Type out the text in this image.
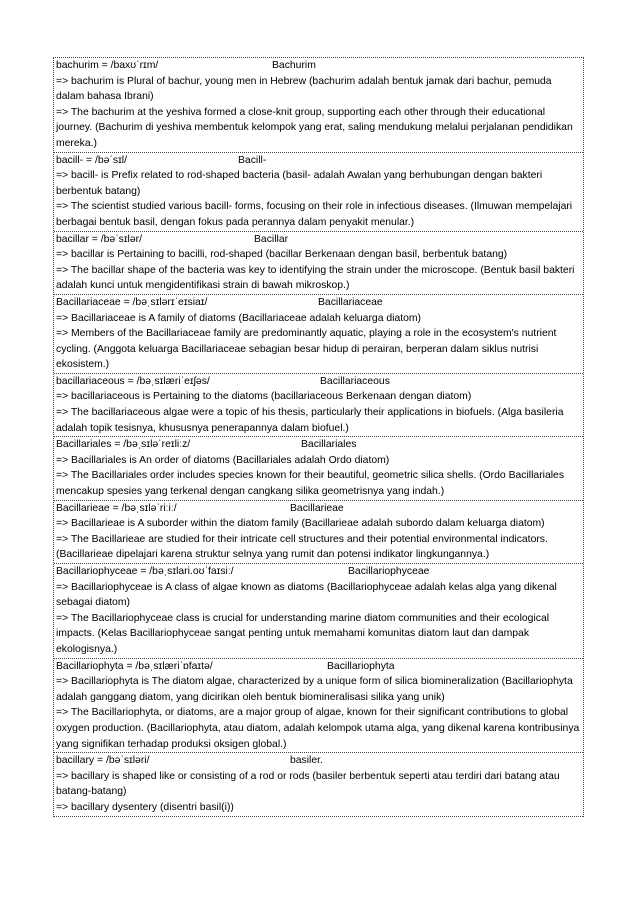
bachurim = /baxʊˈrɪm/	Bachurim
=> bachurim is Plural of bachur, young men in Hebrew (bachurim adalah bentuk jamak dari bachur, pemuda dalam bahasa Ibrani)
=> The bachurim at the yeshiva formed a close-knit group, supporting each other through their educational journey. (Bachurim di yeshiva membentuk kelompok yang erat, saling mendukung melalui perjalanan pendidikan mereka.)
bacill- = /bəˈsɪl/	Bacill-
=> bacill- is Prefix related to rod-shaped bacteria (basil- adalah Awalan yang berhubungan dengan bakteri berbentuk batang)
=> The scientist studied various bacill- forms, focusing on their role in infectious diseases. (Ilmuwan mempelajari berbagai bentuk basil, dengan fokus pada perannya dalam penyakit menular.)
bacillar = /bəˈsɪlər/	Bacillar
=> bacillar is Pertaining to bacilli, rod-shaped (bacillar Berkenaan dengan basil, berbentuk batang)
=> The bacillar shape of the bacteria was key to identifying the strain under the microscope. (Bentuk basil bakteri adalah kunci untuk mengidentifikasi strain di bawah mikroskop.)
Bacillariaceae = /bəˌsɪlərɪˈeɪsiaɪ/	Bacillariaceae
=> Bacillariaceae is A family of diatoms (Bacillariaceae adalah keluarga diatom)
=> Members of the Bacillariaceae family are predominantly aquatic, playing a role in the ecosystem's nutrient cycling. (Anggota keluarga Bacillariaceae sebagian besar hidup di perairan, berperan dalam siklus nutrisi ekosistem.)
bacillariaceous = /bəˌsɪlæriˈeɪʃəs/	Bacillariaceous
=> bacillariaceous is Pertaining to the diatoms (bacillariaceous Berkenaan dengan diatom)
=> The bacillariaceous algae were a topic of his thesis, particularly their applications in biofuels. (Alga basileria adalah topik tesisnya, khususnya penerapannya dalam biofuel.)
Bacillariales = /bəˌsɪləˈreɪliːz/	Bacillariales
=> Bacillariales is An order of diatoms (Bacillariales adalah Ordo diatom)
=> The Bacillariales order includes species known for their beautiful, geometric silica shells. (Ordo Bacillariales mencakup spesies yang terkenal dengan cangkang silika geometrisnya yang indah.)
Bacillarieae = /bəˌsɪləˈriːiː/	Bacillarieae
=> Bacillarieae is A suborder within the diatom family (Bacillarieae adalah subordo dalam keluarga diatom)
=> The Bacillarieae are studied for their intricate cell structures and their potential environmental indicators. (Bacillarieae dipelajari karena struktur selnya yang rumit dan potensi indikator lingkungannya.)
Bacillariophyceae = /bəˌsɪlari.oʊˈfaɪsiː/	Bacillariophyceae
=> Bacillariophyceae is A class of algae known as diatoms (Bacillariophyceae adalah kelas alga yang dikenal sebagai diatom)
=> The Bacillariophyceae class is crucial for understanding marine diatom communities and their ecological impacts. (Kelas Bacillariophyceae sangat penting untuk memahami komunitas diatom laut dan dampak ekologisnya.)
Bacillariophyta = /bəˌsɪlæriˈɒfaɪtə/	Bacillariophyta
=> Bacillariophyta is The diatom algae, characterized by a unique form of silica biomineralization (Bacillariophyta adalah ganggang diatom, yang dicirikan oleh bentuk biomineralisasi silika yang unik)
=> The Bacillariophyta, or diatoms, are a major group of algae, known for their significant contributions to global oxygen production. (Bacillariophyta, atau diatom, adalah kelompok utama alga, yang dikenal karena kontribusinya yang signifikan terhadap produksi oksigen global.)
bacillary = /bəˈsɪləri/	basiler.
=> bacillary is shaped like or consisting of a rod or rods (basiler berbentuk seperti atau terdiri dari batang atau batang-batang)
=> bacillary dysentery (disentri basil(i))
